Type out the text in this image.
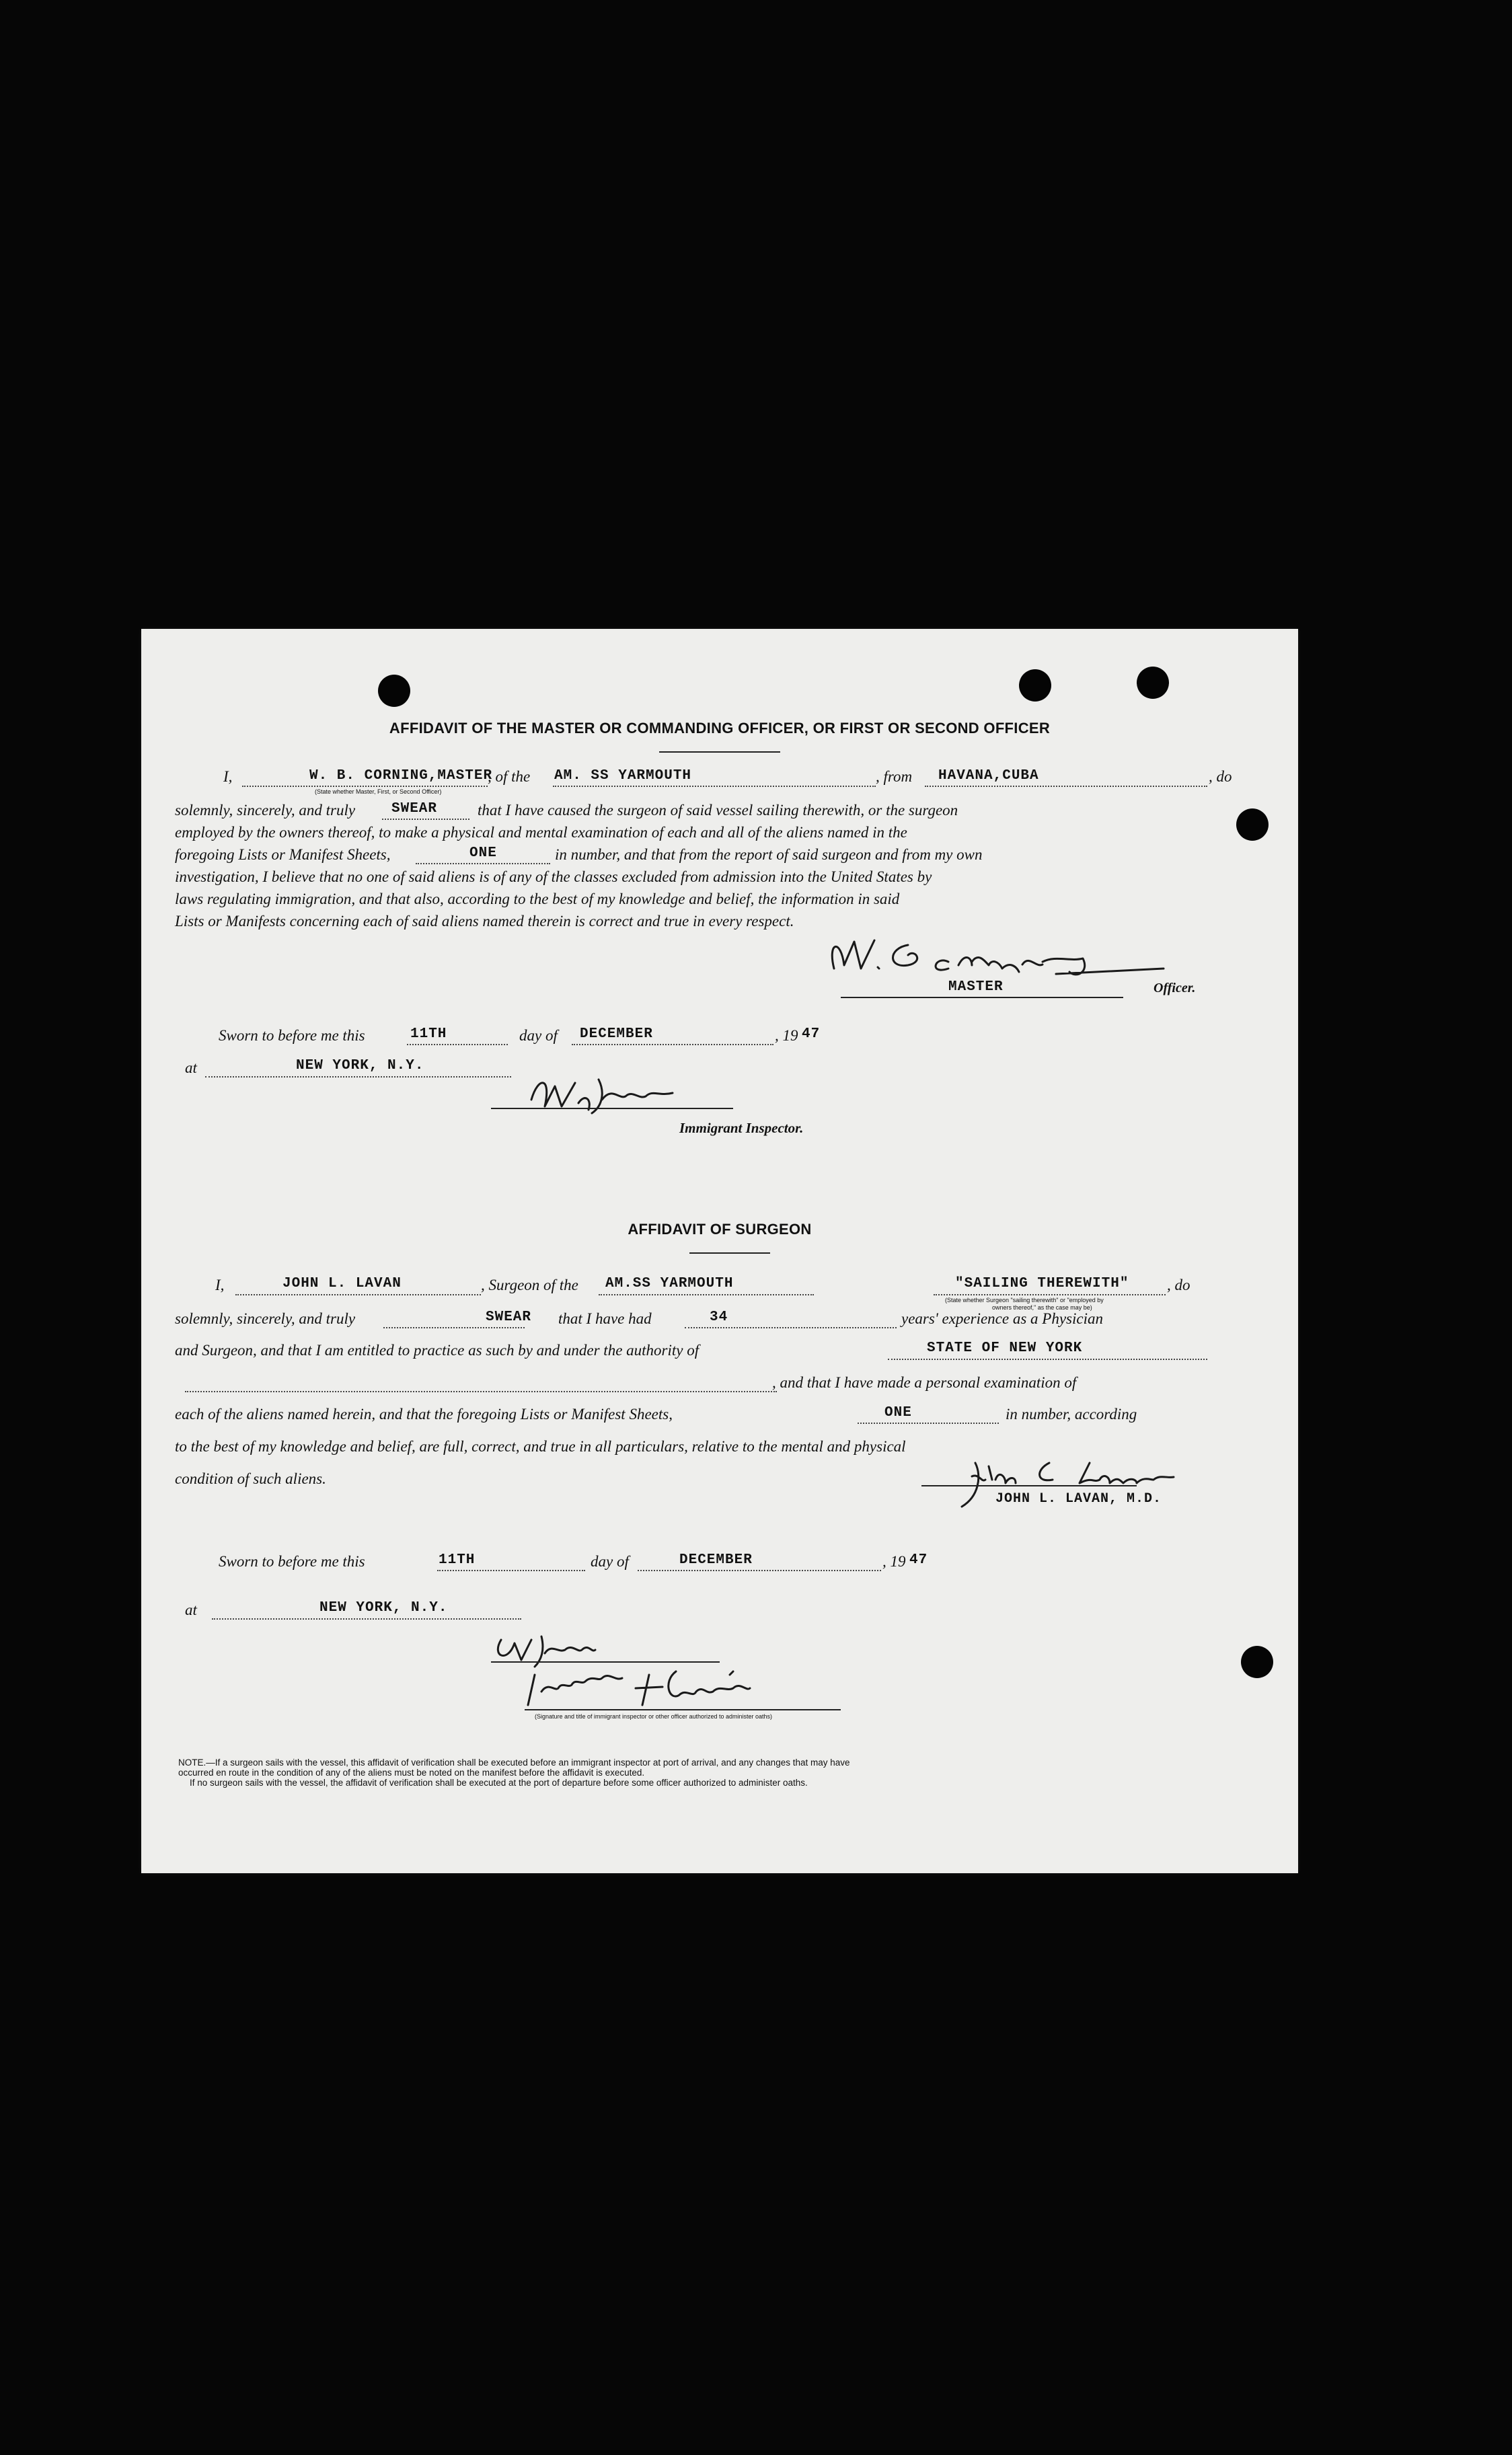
AFFIDAVIT OF THE MASTER OR COMMANDING OFFICER, OR FIRST OR SECOND OFFICER
I,	W. B. CORNING,MASTER
(State whether Master, First, or Second Officer)
, of the AM. SS YARMOUTH	, from HAVANA,CUBA	, do
solemnly, sincerely, and truly	SWEAR	that I have caused the surgeon of said vessel sailing therewith, or the surgeon
employed by the owners thereof, to make a physical and mental examination of each and all of the aliens named in the
foregoing Lists or Manifest Sheets,	ONE	in number, and that from the report of said surgeon and from my own
investigation, I believe that no one of said aliens is of any of the classes excluded from admission into the United States by
laws regulating immigration, and that also, according to the best of my knowledge and belief, the information in said
Lists or Manifests concerning each of said aliens named therein is correct and true in every respect.
MASTER	Officer.
Sworn to before me this	11TH	day of DECEMBER	, 19 47
at	NEW YORK, N.Y.
Immigrant Inspector.
AFFIDAVIT OF SURGEON
I,	JOHN L. LAVAN	, Surgeon of the AM.SS YARMOUTH	"SAILING THEREWITH" , do
(State whether Surgeon "sailing therewith" or "employed by
owners thereof," as the case may be)
solemnly, sincerely, and truly	SWEAR that I have had	34	years' experience as a Physician
and Surgeon, and that I am entitled to practice as such by and under the authority of	STATE OF NEW YORK
, and that I have made a personal examination of
each of the aliens named herein, and that the foregoing Lists or Manifest Sheets,	ONE	in number, according
to the best of my knowledge and belief, are full, correct, and true in all particulars, relative to the mental and physical
condition of such aliens.
JOHN L. LAVAN, M.D.
Sworn to before me this	11TH	day of	DECEMBER	, 19 47
at	NEW YORK, N.Y.
(Signature and title of immigrant inspector or other officer authorized to administer oaths)
NOTE.—If a surgeon sails with the vessel, this affidavit of verification shall be executed before an immigrant inspector at port of arrival, and any changes that may have
occurred en route in the condition of any of the aliens must be noted on the manifest before the affidavit is executed.
If no surgeon sails with the vessel, the affidavit of verification shall be executed at the port of departure before some officer authorized to administer oaths.
